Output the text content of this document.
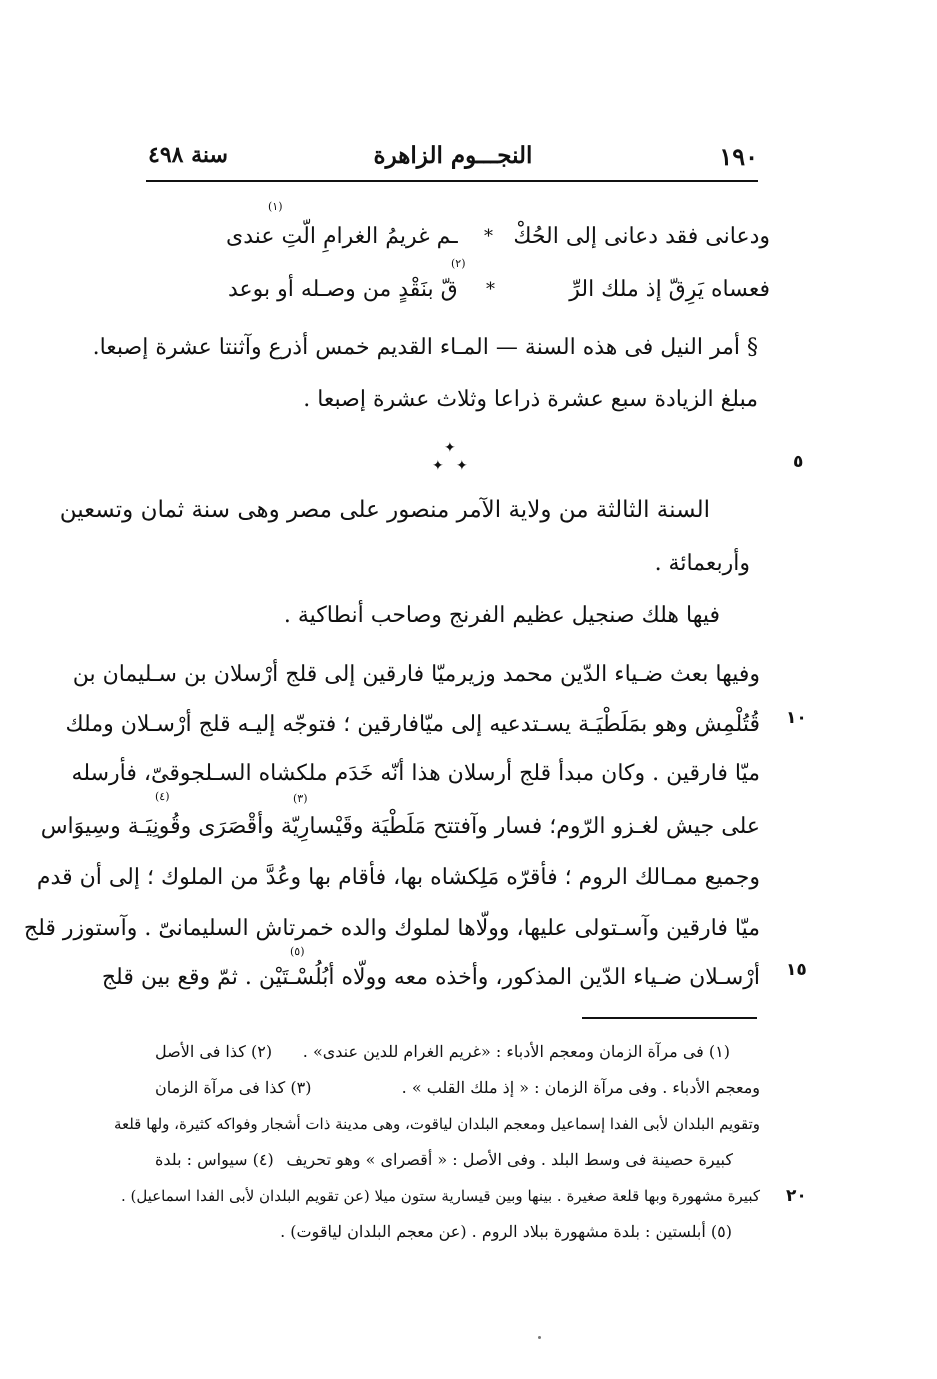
١٩٠
النجـــوم الزاهرة
سنة ٤٩٨
ودعانى فقد دعانى إلى الحُكْ
*
ـم غريمُ الغرامِ الّتِ عندى
فعساه يَرِقّ إذ ملك الرِّ
*
قّ بنَقْدٍ من وصـله أو بوعد
§ أمر النيل فى هذه السنة — المـاء القديم خمس أذرع وآثنتا عشرة إصبعا.
مبلغ الزيادة سبع عشرة ذراعا وثلاث عشرة إصبعا .
✦
✦ ✦
السنة الثالثة من ولاية الآمر منصور على مصر وهى سنة ثمان وتسعين
وأربعمائة .
فيها هلك صنجيل عظيم الفرنج وصاحب أنطاكية .
وفيها بعث ضـياء الدّين محمد وزيرميّا فارقين إلى قلج أرْسلان بن سـليمان بن
قُتُلْمِش وهو بمَلَطْيَـة يسـتدعيه إلى ميّافارقين ؛ فتوجّه إليـه قلج أرْسـلان وملك
ميّا فارقين . وكان مبدأ قلج أرسلان هذا أنّه خَدَم ملكشاه السـلجوقىّ، فأرسله
على جيش لغـزو الرّوم؛ فسار وآفتتح مَلَطْيَة وقَيْسارِيّة وأقْصَرَى وقُونِيَـة وسِيوَاس
وجميع ممـالك الروم ؛ فأقرّه مَلِكشاه بها، فأقام بها وعُدَّ من الملوك ؛ إلى أن قدم
ميّا فارقين وآسـتولى عليها، وولّاها لملوك والده خمرتاش السليمانىّ . وآستوزر قلج
أرْسـلان ضـياء الدّين المذكور، وأخذه معه وولّاه أبُلُسْـتَيْن . ثمّ وقع بين قلج
(١)
(٢)
(٣)
(٤)
(٥)
٥
١٠
١٥
٢٠
(١) فى مرآة الزمان ومعجم الأدباء : «غريم الغرام للدين عندى» .
(٢) كذا فى الأصل
ومعجم الأدباء . وفى مرآة الزمان : « إذ ملك القلب » .
(٣) كذا فى مرآة الزمان
وتقويم البلدان لأبى الفدا إسماعيل ومعجم البلدان لياقوت، وهى مدينة ذات أشجار وفواكه كثيرة، ولها قلعة
كبيرة حصينة فى وسط البلد . وفى الأصل : « أقصراى » وهو تحريف
(٤) سيواس : بلدة
كبيرة مشهورة وبها قلعة صغيرة . بينها وبين قيسارية ستون ميلا (عن تقويم البلدان لأبى الفدا اسماعيل) .
(٥) أبلستين : بلدة مشهورة ببلاد الروم . (عن معجم البلدان لياقوت) .
